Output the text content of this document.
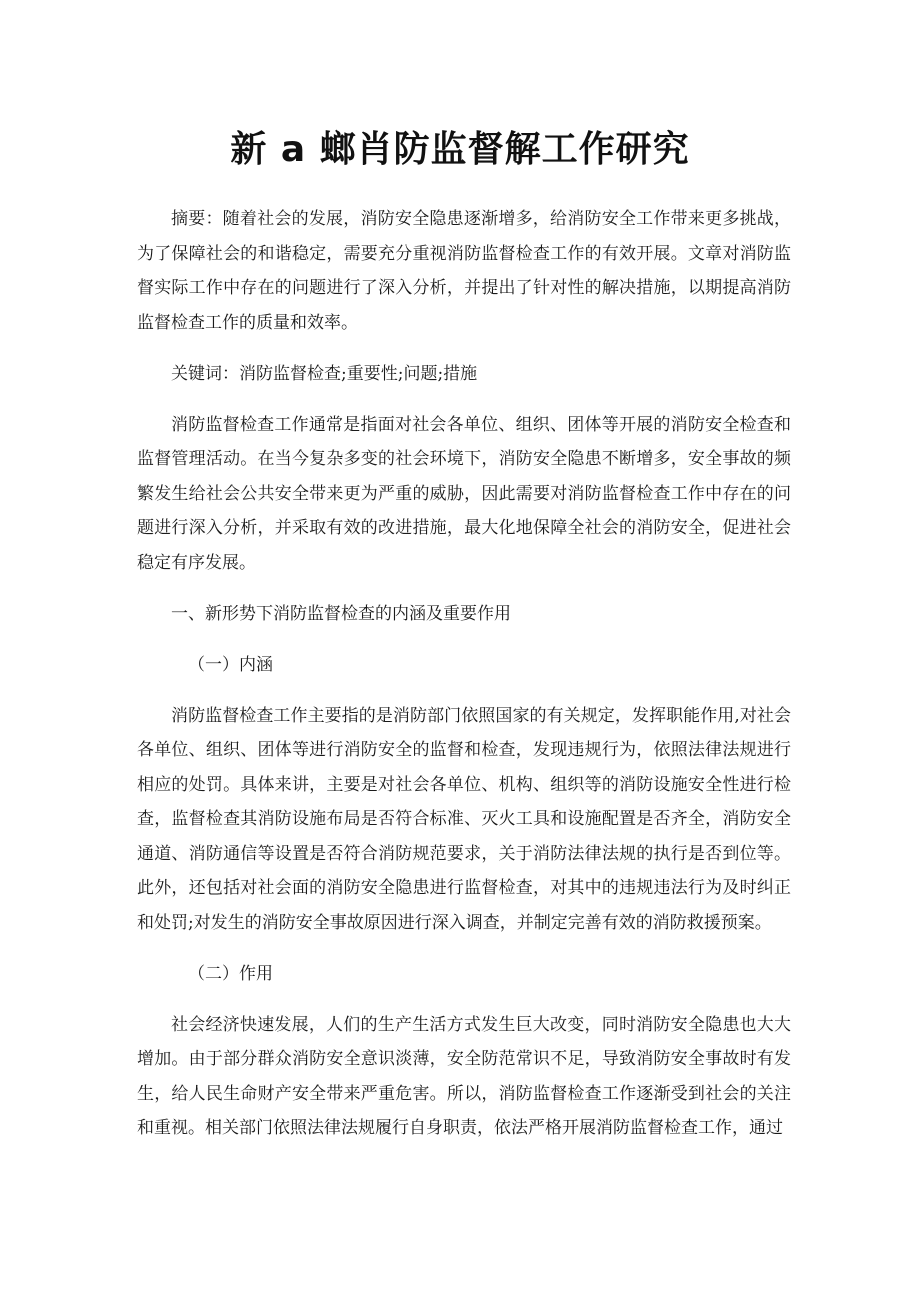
新 a 螂肖防监督解工作研究

摘要：随着社会的发展，消防安全隐患逐渐增多，给消防安全工作带来更多挑战，为了保障社会的和谐稳定，需要充分重视消防监督检查工作的有效开展。文章对消防监督实际工作中存在的问题进行了深入分析，并提出了针对性的解决措施，以期提高消防监督检查工作的质量和效率。

关键词：消防监督检查;重要性;问题;措施

消防监督检查工作通常是指面对社会各单位、组织、团体等开展的消防安全检查和监督管理活动。在当今复杂多变的社会环境下，消防安全隐患不断增多，安全事故的频繁发生给社会公共安全带来更为严重的威胁，因此需要对消防监督检查工作中存在的问题进行深入分析，并采取有效的改进措施，最大化地保障全社会的消防安全，促进社会稳定有序发展。

一、新形势下消防监督检查的内涵及重要作用

（一）内涵

消防监督检查工作主要指的是消防部门依照国家的有关规定，发挥职能作用,对社会各单位、组织、团体等进行消防安全的监督和检查，发现违规行为，依照法律法规进行相应的处罚。具体来讲，主要是对社会各单位、机构、组织等的消防设施安全性进行检查，监督检查其消防设施布局是否符合标准、灭火工具和设施配置是否齐全，消防安全通道、消防通信等设置是否符合消防规范要求，关于消防法律法规的执行是否到位等。此外，还包括对社会面的消防安全隐患进行监督检查，对其中的违规违法行为及时纠正和处罚;对发生的消防安全事故原因进行深入调查，并制定完善有效的消防救援预案。

（二）作用

社会经济快速发展，人们的生产生活方式发生巨大改变，同时消防安全隐患也大大增加。由于部分群众消防安全意识淡薄，安全防范常识不足，导致消防安全事故时有发生，给人民生命财产安全带来严重危害。所以，消防监督检查工作逐渐受到社会的关注和重视。相关部门依照法律法规履行自身职责，依法严格开展消防监督检查工作，通过
